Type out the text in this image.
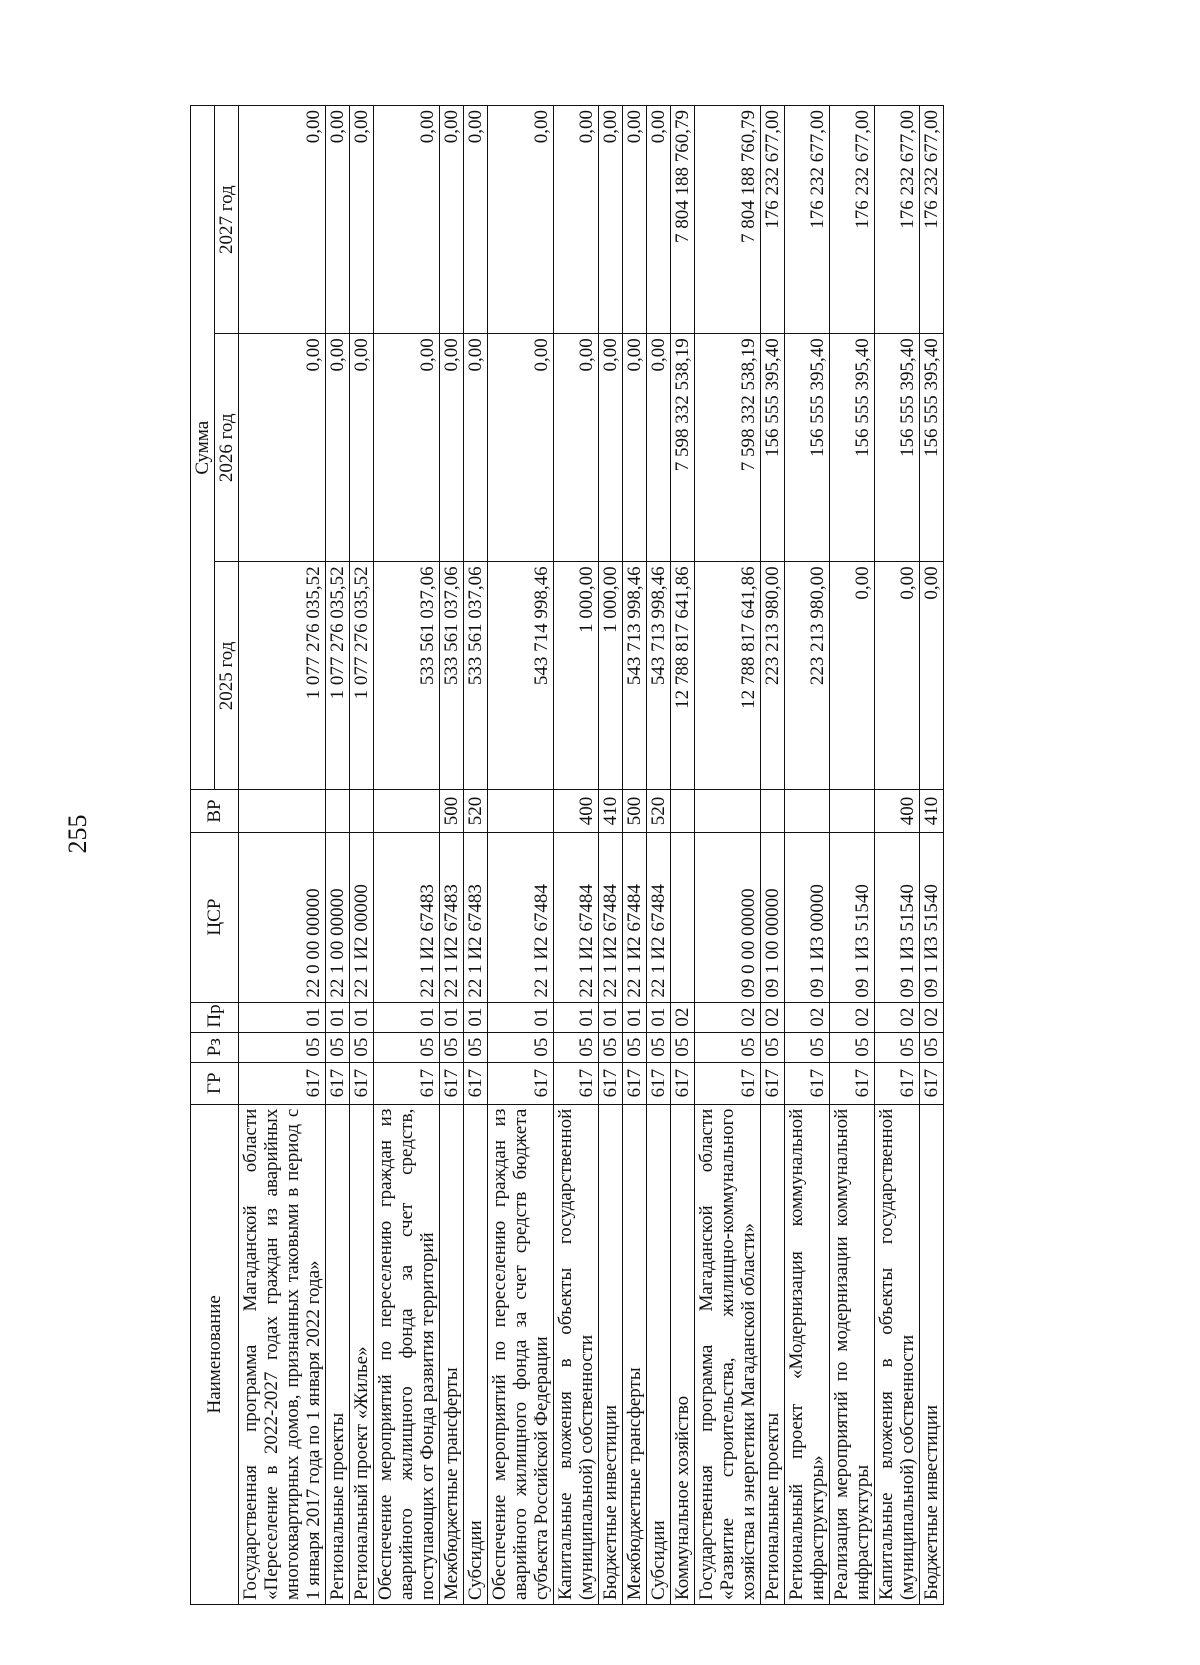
255
Наименование	ГР	Рз	Пр	ЦСР	ВР	Сумма		
						2025 год	2026 год	2027 год
Государственная программа Магаданской области «Переселение в 2022-2027 годах граждан из аварийных многоквартирных домов, признанных таковыми в период с 1 января 2017 года по 1 января 2022 года»	617	05	01	22 0 00 00000		1 077 276 035,52	0,00	0,00
Региональные проекты	617	05	01	22 1 00 00000		1 077 276 035,52	0,00	0,00
Региональный проект «Жилье»	617	05	01	22 1 И2 00000		1 077 276 035,52	0,00	0,00
Обеспечение мероприятий по переселению граждан из аварийного жилищного фонда за счет средств, поступающих от Фонда развития территорий	617	05	01	22 1 И2 67483		533 561 037,06	0,00	0,00
Межбюджетные трансферты	617	05	01	22 1 И2 67483	500	533 561 037,06	0,00	0,00
Субсидии	617	05	01	22 1 И2 67483	520	533 561 037,06	0,00	0,00
Обеспечение мероприятий по переселению граждан из аварийного жилищного фонда за счет средств бюджета субъекта Российской Федерации	617	05	01	22 1 И2 67484		543 714 998,46	0,00	0,00
Капитальные вложения в объекты государственной (муниципальной) собственности	617	05	01	22 1 И2 67484	400	1 000,00	0,00	0,00
Бюджетные инвестиции	617	05	01	22 1 И2 67484	410	1 000,00	0,00	0,00
Межбюджетные трансферты	617	05	01	22 1 И2 67484	500	543 713 998,46	0,00	0,00
Субсидии	617	05	01	22 1 И2 67484	520	543 713 998,46	0,00	0,00
Коммунальное хозяйство	617	05	02			12 788 817 641,86	7 598 332 538,19	7 804 188 760,79
Государственная программа Магаданской области «Развитие строительства, жилищно-коммунального хозяйства и энергетики Магаданской области»	617	05	02	09 0 00 00000		12 788 817 641,86	7 598 332 538,19	7 804 188 760,79
Региональные проекты	617	05	02	09 1 00 00000		223 213 980,00	156 555 395,40	176 232 677,00
Региональный проект «Модернизация коммунальной инфраструктуры»	617	05	02	09 1 И3 00000		223 213 980,00	156 555 395,40	176 232 677,00
Реализация мероприятий по модернизации коммунальной инфраструктуры	617	05	02	09 1 И3 51540		0,00	156 555 395,40	176 232 677,00
Капитальные вложения в объекты государственной (муниципальной) собственности	617	05	02	09 1 И3 51540	400	0,00	156 555 395,40	176 232 677,00
Бюджетные инвестиции	617	05	02	09 1 И3 51540	410	0,00	156 555 395,40	176 232 677,00
